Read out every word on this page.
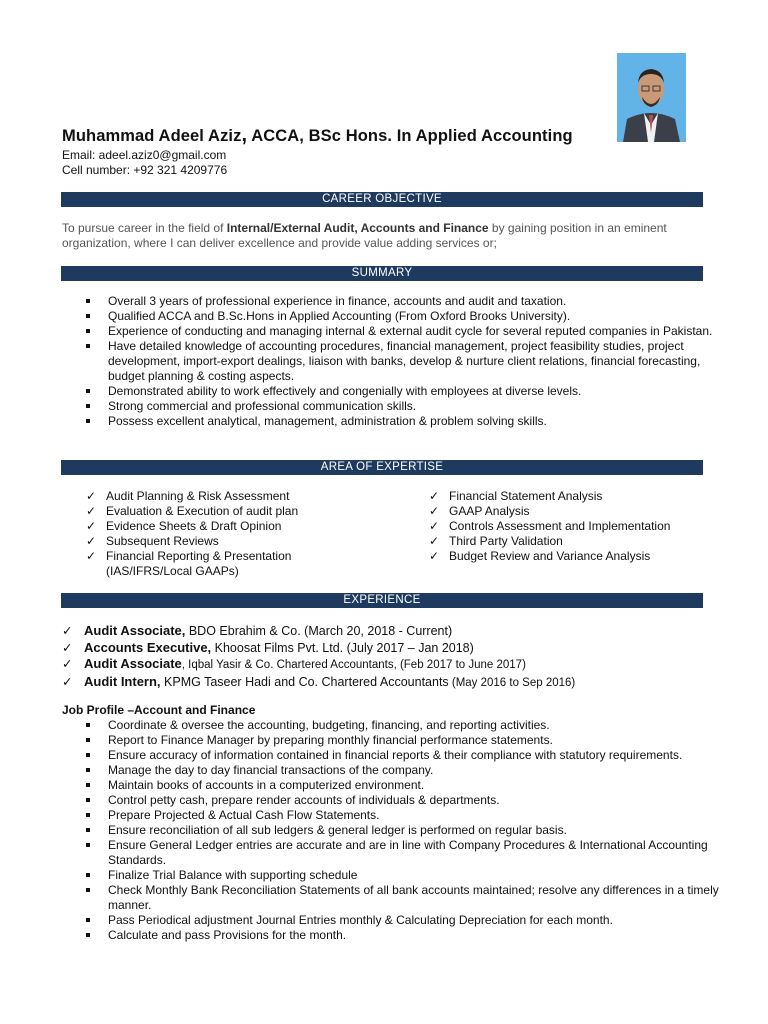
Muhammad Adeel Aziz, ACCA, BSc Hons. In Applied Accounting
Email: adeel.aziz0@gmail.com
Cell number: +92 321 4209776
CAREER OBJECTIVE
To pursue career in the field of Internal/External Audit, Accounts and Finance by gaining position in an eminent organization, where I can deliver excellence and provide value adding services or;
SUMMARY
Overall 3 years of professional experience in finance, accounts and audit and taxation.
Qualified ACCA and B.Sc.Hons in Applied Accounting (From Oxford Brooks University).
Experience of conducting and managing internal & external audit cycle for several reputed companies in Pakistan.
Have detailed knowledge of accounting procedures, financial management, project feasibility studies, project development, import-export dealings, liaison with banks, develop & nurture client relations, financial forecasting, budget planning & costing aspects.
Demonstrated ability to work effectively and congenially with employees at diverse levels.
Strong commercial and professional communication skills.
Possess excellent analytical, management, administration & problem solving skills.
AREA OF EXPERTISE
✓ Audit Planning & Risk Assessment
✓ Evaluation & Execution of audit plan
✓ Evidence Sheets & Draft Opinion
✓ Subsequent Reviews
✓ Financial Reporting & Presentation (IAS/IFRS/Local GAAPs)
✓ Financial Statement Analysis
✓ GAAP Analysis
✓ Controls Assessment and Implementation
✓ Third Party Validation
✓ Budget Review and Variance Analysis
EXPERIENCE
✓ Audit Associate, BDO Ebrahim & Co. (March 20, 2018 - Current)
✓ Accounts Executive, Khoosat Films Pvt. Ltd. (July 2017 – Jan 2018)
✓ Audit Associate, Iqbal Yasir & Co. Chartered Accountants, (Feb 2017 to June 2017)
✓ Audit Intern, KPMG Taseer Hadi and Co. Chartered Accountants (May 2016 to Sep 2016)
Job Profile –Account and Finance
Coordinate & oversee the accounting, budgeting, financing, and reporting activities.
Report to Finance Manager by preparing monthly financial performance statements.
Ensure accuracy of information contained in financial reports & their compliance with statutory requirements.
Manage the day to day financial transactions of the company.
Maintain books of accounts in a computerized environment.
Control petty cash, prepare render accounts of individuals & departments.
Prepare Projected & Actual Cash Flow Statements.
Ensure reconciliation of all sub ledgers & general ledger is performed on regular basis.
Ensure General Ledger entries are accurate and are in line with Company Procedures & International Accounting Standards.
Finalize Trial Balance with supporting schedule
Check Monthly Bank Reconciliation Statements of all bank accounts maintained; resolve any differences in a timely manner.
Pass Periodical adjustment Journal Entries monthly & Calculating Depreciation for each month.
Calculate and pass Provisions for the month.
